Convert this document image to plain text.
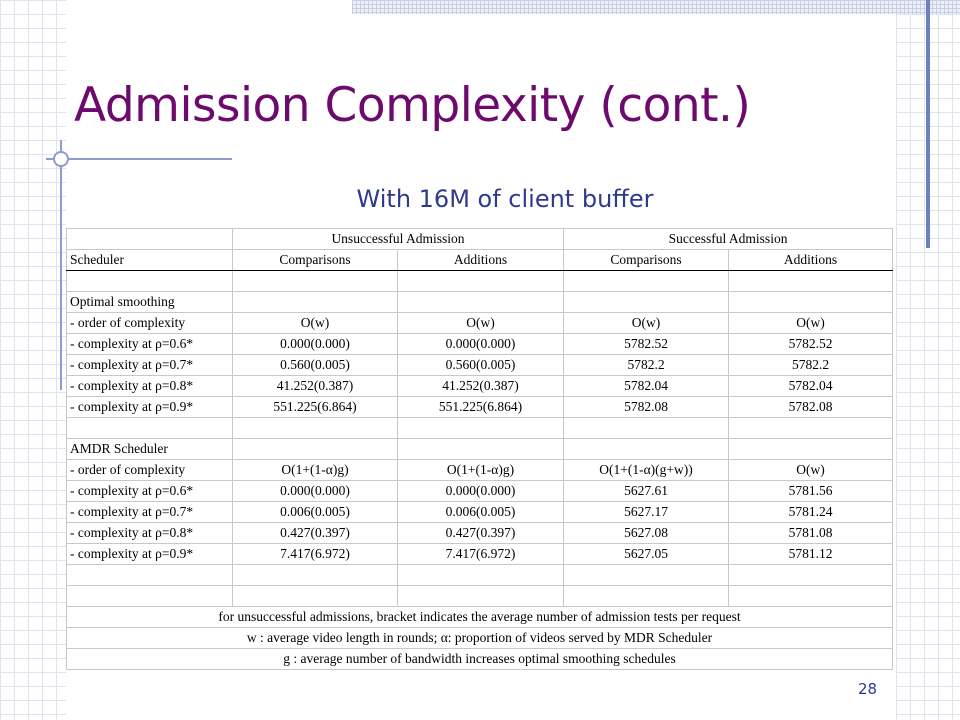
Admission Complexity (cont.)
With 16M of client buffer
	Unsuccessful Admission		Successful Admission	
Scheduler	Comparisons	Additions	Comparisons	Additions

Optimal smoothing				
- order of complexity	O(w)	O(w)	O(w)	O(w)
- complexity at ρ=0.6*	0.000(0.000)	0.000(0.000)	5782.52	5782.52
- complexity at ρ=0.7*	0.560(0.005)	0.560(0.005)	5782.2	5782.2
- complexity at ρ=0.8*	41.252(0.387)	41.252(0.387)	5782.04	5782.04
- complexity at ρ=0.9*	551.225(6.864)	551.225(6.864)	5782.08	5782.08

AMDR Scheduler				
- order of complexity	O(1+(1-α)g)	O(1+(1-α)g)	O(1+(1-α)(g+w))	O(w)
- complexity at ρ=0.6*	0.000(0.000)	0.000(0.000)	5627.61	5781.56
- complexity at ρ=0.7*	0.006(0.005)	0.006(0.005)	5627.17	5781.24
- complexity at ρ=0.8*	0.427(0.397)	0.427(0.397)	5627.08	5781.08
- complexity at ρ=0.9*	7.417(6.972)	7.417(6.972)	5627.05	5781.12

for unsuccessful admissions, bracket indicates the average number of admission tests per request				
w : average video length in rounds; α: proportion of videos served by MDR Scheduler				
g : average number of bandwidth increases optimal smoothing schedules				
28
